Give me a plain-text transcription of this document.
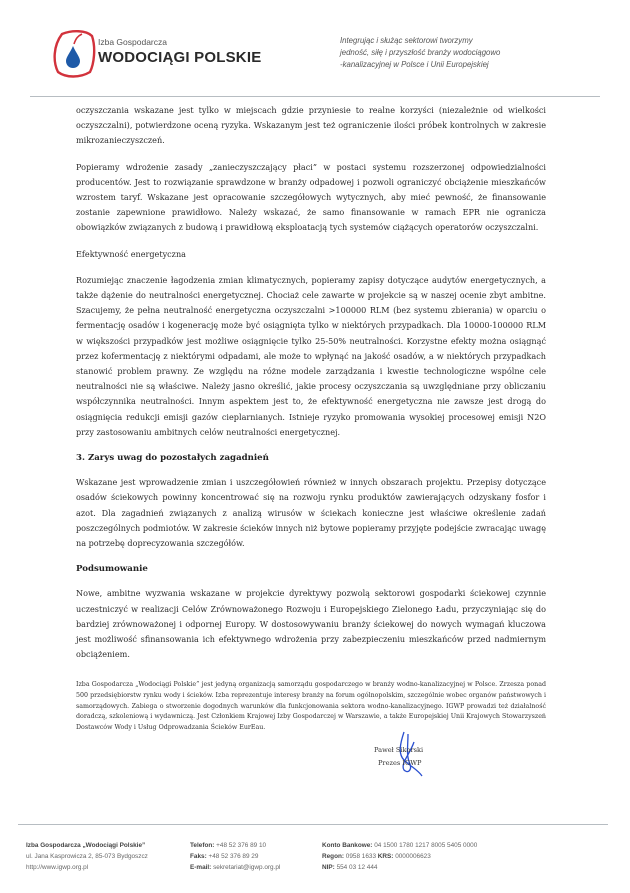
Izba Gospodarcza
WODOCIĄGI POLSKIE
Integrując i służąc sektorowi tworzymy
jedność, siłę i przyszłość branży wodociągowo
-kanalizacyjnej w Polsce i Unii Europejskiej

oczyszczania wskazane jest tylko w miejscach gdzie przyniesie to realne korzyści (niezależnie od wielkości oczyszczalni), potwierdzone oceną ryzyka. Wskazanym jest też ograniczenie ilości próbek kontrolnych w zakresie mikrozanieczyszczeń.

Popieramy wdrożenie zasady „zanieczyszczający płaci” w postaci systemu rozszerzonej odpowiedzialności producentów. Jest to rozwiązanie sprawdzone w branży odpadowej i pozwoli ograniczyć obciążenie mieszkańców wzrostem taryf. Wskazane jest opracowanie szczegółowych wytycznych, aby mieć pewność, że finansowanie zostanie zapewnione prawidłowo. Należy wskazać, że samo finansowanie w ramach EPR nie ogranicza obowiązków związanych z budową i prawidłową eksploatacją tych systemów ciążących operatorów oczyszczalni.

Efektywność energetyczna

Rozumiejąc znaczenie łagodzenia zmian klimatycznych, popieramy zapisy dotyczące audytów energetycznych, a także dążenie do neutralności energetycznej. Chociaż cele zawarte w projekcie są w naszej ocenie zbyt ambitne. Szacujemy, że pełna neutralność energetyczna oczyszczalni >100000 RLM (bez systemu zbierania) w oparciu o fermentację osadów i kogenerację może być osiągnięta tylko w niektórych przypadkach. Dla 10000-100000 RLM w większości przypadków jest możliwe osiągnięcie tylko 25-50% neutralności. Korzystne efekty można osiągnąć przez kofermentację z niektórymi odpadami, ale może to wpłynąć na jakość osadów, a w niektórych przypadkach stanowić problem prawny. Ze względu na różne modele zarządzania i kwestie technologiczne wspólne cele neutralności nie są właściwe. Należy jasno określić, jakie procesy oczyszczania są uwzględniane przy obliczaniu współczynnika neutralności. Innym aspektem jest to, że efektywność energetyczna nie zawsze jest drogą do osiągnięcia redukcji emisji gazów cieplarnianych. Istnieje ryzyko promowania wysokiej procesowej emisji N2O przy zastosowaniu ambitnych celów neutralności energetycznej.

3. Zarys uwag do pozostałych zagadnień

Wskazane jest wprowadzenie zmian i uszczegółowień również w innych obszarach projektu. Przepisy dotyczące osadów ściekowych powinny koncentrować się na rozwoju rynku produktów zawierających odzyskany fosfor i azot. Dla zagadnień związanych z analizą wirusów w ściekach konieczne jest właściwe określenie zadań poszczególnych podmiotów. W zakresie ścieków innych niż bytowe popieramy przyjęte podejście zwracając uwagę na potrzebę doprecyzowania szczegółów.

Podsumowanie

Nowe, ambitne wyzwania wskazane w projekcie dyrektywy pozwolą sektorowi gospodarki ściekowej czynnie uczestniczyć w realizacji Celów Zrównoważonego Rozwoju i Europejskiego Zielonego Ładu, przyczyniając się do bardziej zrównoważonej i odpornej Europy. W dostosowywaniu branży ściekowej do nowych wymagań kluczowa jest możliwość sfinansowania ich efektywnego wdrożenia przy zabezpieczeniu mieszkańców przed nadmiernym obciążeniem.

Izba Gospodarcza „Wodociągi Polskie” jest jedyną organizacją samorządu gospodarczego w branży wodno-kanalizacyjnej w Polsce. Zrzesza ponad 500 przedsiębiorstw rynku wody i ścieków. Izba reprezentuje interesy branży na forum ogólnopolskim, szczególnie wobec organów państwowych i samorządowych. Zabiega o stworzenie dogodnych warunków dla funkcjonowania sektora wodno-kanalizacyjnego. IGWP prowadzi też działalność doradczą, szkoleniową i wydawniczą. Jest Członkiem Krajowej Izby Gospodarczej w Warszawie, a także Europejskiej Unii Krajowych Stowarzyszeń Dostawców Wody i Usług Odprowadzania Ścieków EurEau.
Paweł Sikorski
Prezes IGWP
Izba Gospodarcza „Wodociągi Polskie”
ul. Jana Kasprowicza 2, 85-073 Bydgoszcz
http://www.igwp.org.pl
Telefon: +48 52 376 89 10
Faks: +48 52 376 89 29
E-mail: sekretariat@igwp.org.pl
Konto Bankowe: 04 1500 1780 1217 8005 5405 0000
Regon: 0958 1633 KRS: 0000006623
NIP: 554 03 12 444
